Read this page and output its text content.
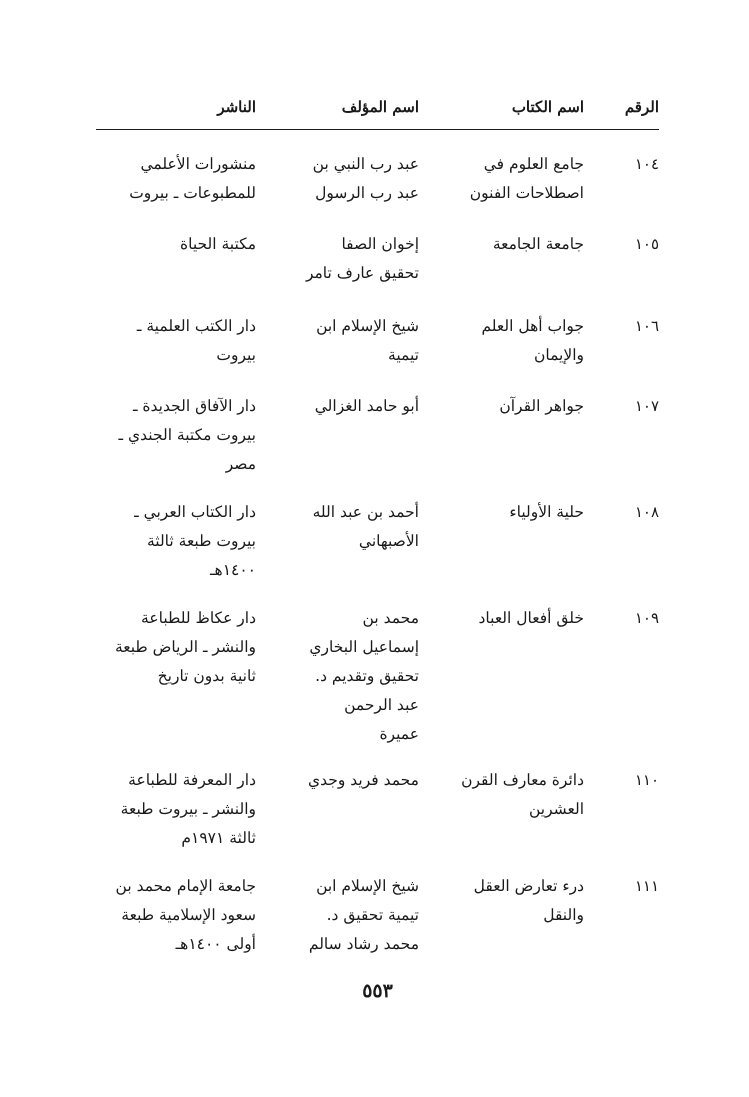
الرقم
اسم الكتاب
اسم المؤلف
الناشر
١٠٤
جامع العلوم في
اصطلاحات الفنون
عبد رب النبي بن
عبد رب الرسول
منشورات الأعلمي
للمطبوعات ـ بيروت
١٠٥
جامعة الجامعة
إخوان الصفا
تحقيق عارف تامر
مكتبة الحياة
١٠٦
جواب أهل العلم
والإيمان
شيخ الإسلام ابن
تيمية
دار الكتب العلمية ـ
بيروت
١٠٧
جواهر القرآن
أبو حامد الغزالي
دار الآفاق الجديدة ـ
بيروت مكتبة الجندي ـ
مصر
١٠٨
حلية الأولياء
أحمد بن عبد الله
الأصبهاني
دار الكتاب العربي ـ
بيروت طبعة ثالثة
١٤٠٠هـ
١٠٩
خلق أفعال العباد
محمد بن
إسماعيل البخاري
تحقيق وتقديم د.
عبد الرحمن
عميرة
دار عكاظ للطباعة
والنشر ـ الرياض طبعة
ثانية بدون تاريخ
١١٠
دائرة معارف القرن
العشرين
محمد فريد وجدي
دار المعرفة للطباعة
والنشر ـ بيروت طبعة
ثالثة ١٩٧١م
١١١
درء تعارض العقل
والنقل
شيخ الإسلام ابن
تيمية تحقيق د.
محمد رشاد سالم
جامعة الإمام محمد بن
سعود الإسلامية طبعة
أولى ١٤٠٠هـ
٥٥٣
